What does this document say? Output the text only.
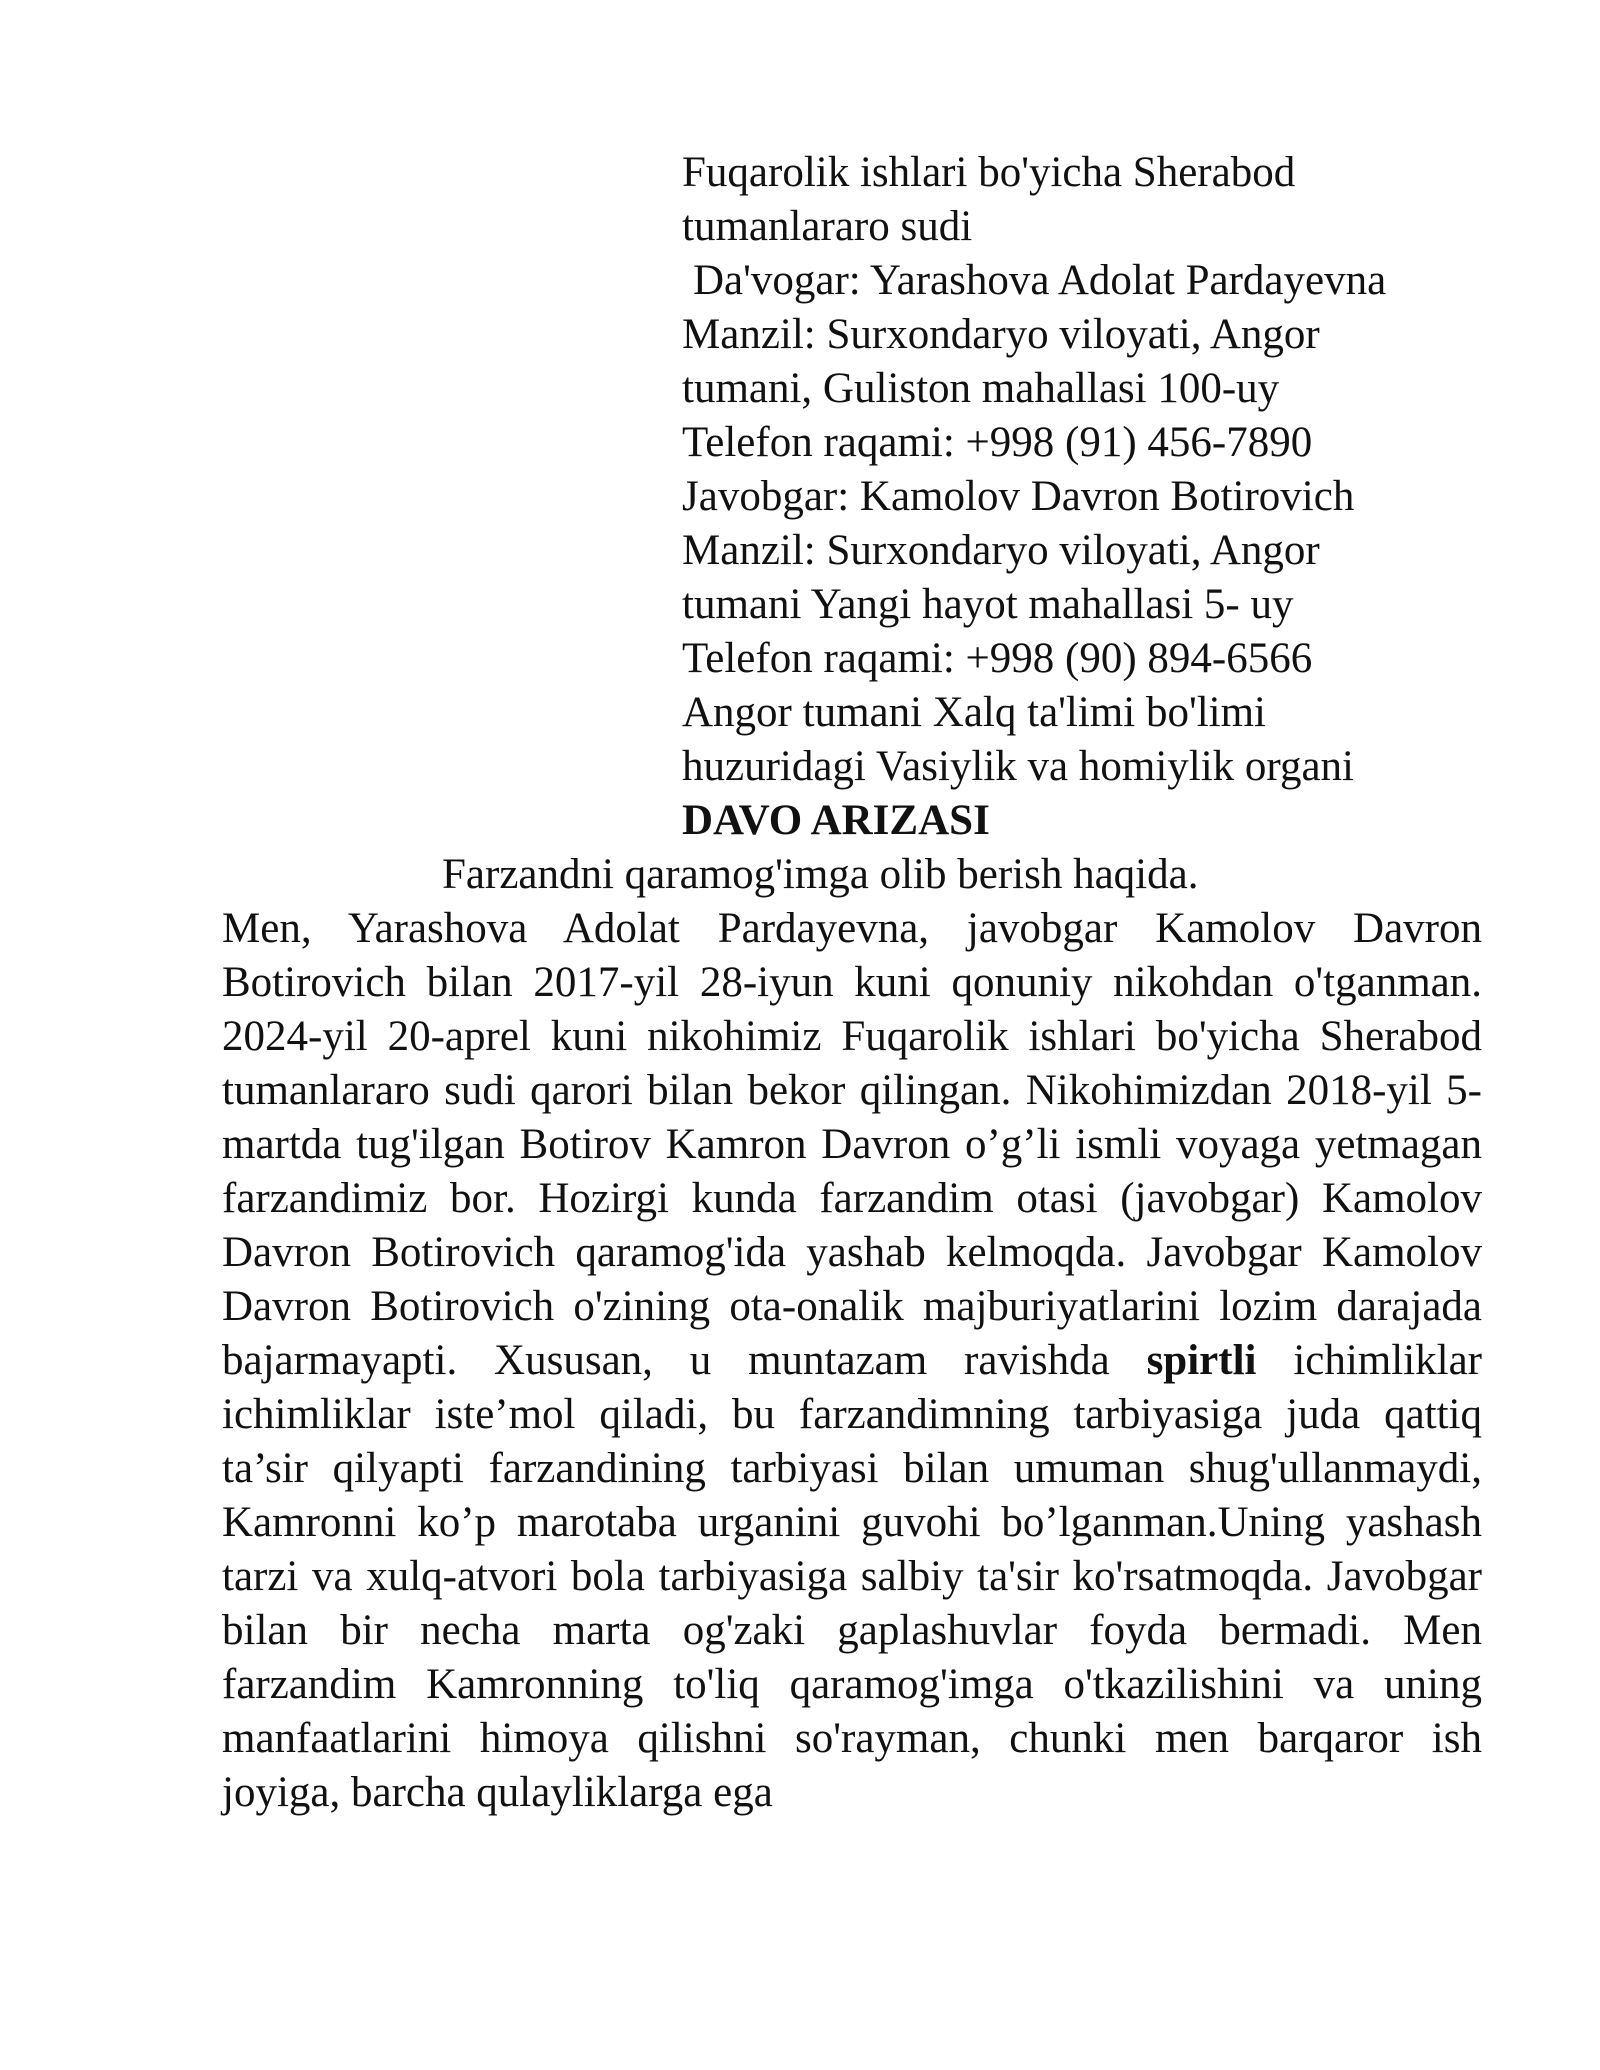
Fuqarolik ishlari bo'yicha Sherabod
tumanlararo sudi
Da'vogar: Yarashova Adolat Pardayevna
Manzil: Surxondaryo viloyati, Angor
tumani, Guliston mahallasi 100-uy
Telefon raqami: +998 (91) 456-7890
Javobgar: Kamolov Davron Botirovich
Manzil: Surxondaryo viloyati, Angor
tumani Yangi hayot mahallasi 5- uy
Telefon raqami: +998 (90) 894-6566
Angor tumani Xalq ta'limi bo'limi
huzuridagi Vasiylik va homiylik organi
DAVO ARIZASI
Farzandni qaramog'imga olib berish haqida.

Men, Yarashova Adolat Pardayevna, javobgar Kamolov Davron Botirovich bilan 2017-yil 28-iyun kuni qonuniy nikohdan o'tganman. 2024-yil 20-aprel kuni nikohimiz Fuqarolik ishlari bo'yicha Sherabod tumanlararo sudi qarori bilan bekor qilingan. Nikohimizdan 2018-yil 5-martda tug'ilgan Botirov Kamron Davron o’g’li ismli voyaga yetmagan farzandimiz bor. Hozirgi kunda farzandim otasi (javobgar) Kamolov Davron Botirovich qaramog'ida yashab kelmoqda. Javobgar Kamolov Davron Botirovich o'zining ota-onalik majburiyatlarini lozim darajada bajarmayapti. Xususan, u muntazam ravishda spirtli ichimliklar ichimliklar iste’mol qiladi, bu farzandimning tarbiyasiga juda qattiq ta’sir qilyapti farzandining tarbiyasi bilan umuman shug'ullanmaydi, Kamronni ko’p marotaba urganini guvohi bo’lganman.Uning yashash tarzi va xulq-atvori bola tarbiyasiga salbiy ta'sir ko'rsatmoqda. Javobgar bilan bir necha marta og'zaki gaplashuvlar foyda bermadi. Men farzandim Kamronning to'liq qaramog'imga o'tkazilishini va uning manfaatlarini himoya qilishni so'rayman, chunki men barqaror ish joyiga, barcha qulayliklarga ega
